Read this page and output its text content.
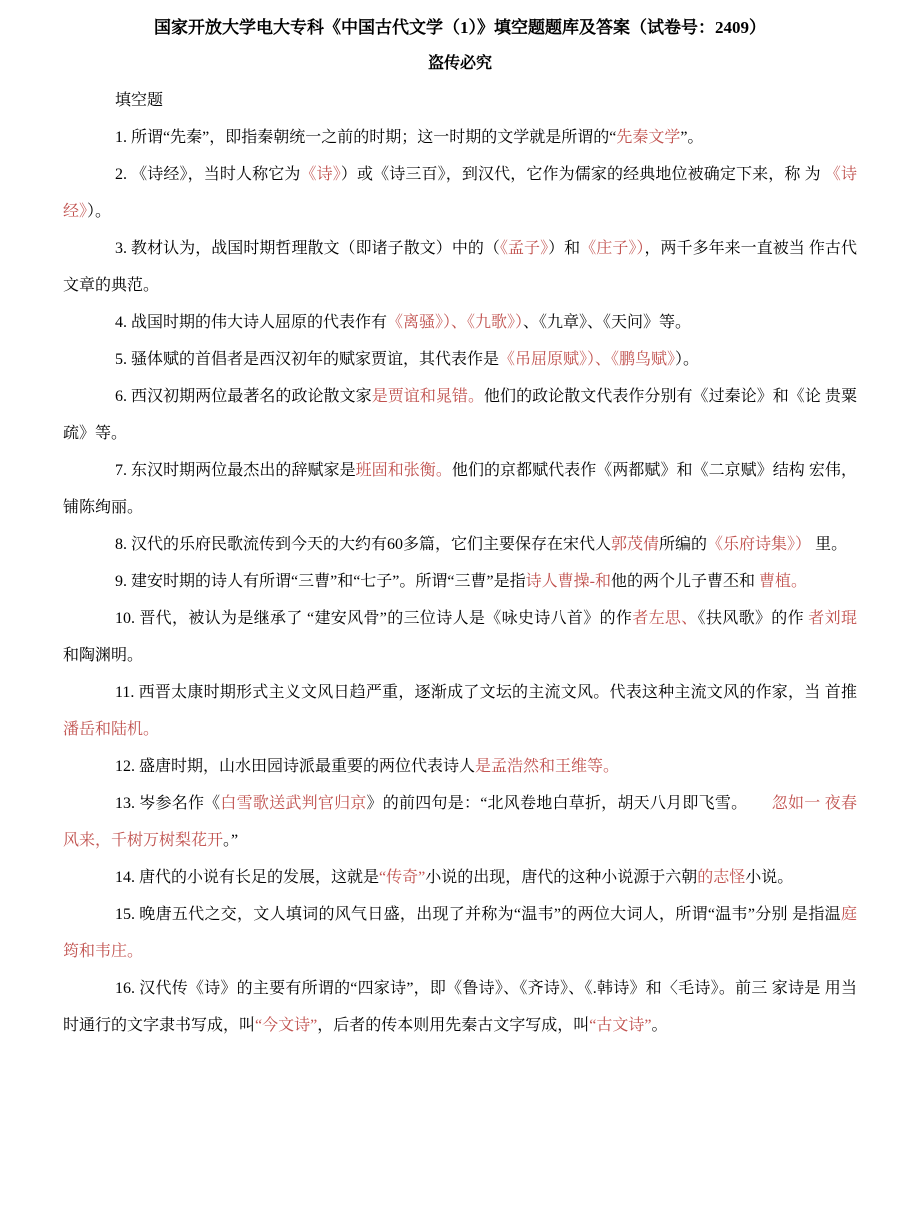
国家开放大学电大专科《中国古代文学（1）》填空题题库及答案（试卷号：2409）
盗传必究
填空题

1. 所谓“先秦”，即指秦朝统一之前的时期；这一时期的文学就是所谓的“先秦文学”。

2. 《诗经》，当时人称它为《诗》）或《诗三百》，到汉代，它作为儒家的经典地位被确定下来，称 为 《诗经》）。

3. 教材认为，战国时期哲理散文（即诸子散文）中的（《孟子》）和《庄子》），两千多年来一直被当 作古代文章的典范。

4. 战国时期的伟大诗人屈原的代表作有《离骚》）、《九歌》）、《九章》、《天问》等。

5. 骚体赋的首倡者是西汉初年的赋家贾谊，其代表作是《吊屈原赋》）、《鹏鸟赋》）。

6. 西汉初期两位最著名的政论散文家是贾谊和晁错。他们的政论散文代表作分别有《过秦论》和《论 贵粟疏》等。

7. 东汉时期两位最杰出的辞赋家是班固和张衡。他们的京都赋代表作《两都赋》和《二京赋》结构 宏伟，铺陈绚丽。

8. 汉代的乐府民歌流传到今天的大约有60多篇，它们主要保存在宋代人郭茂倩所编的《乐府诗集》） 里。

9. 建安时期的诗人有所谓“三曹”和“七子”。所谓“三曹”是指诗人曹操-和他的两个儿子曹丕和 曹植。

10. 晋代，被认为是继承了 “建安风骨”的三位诗人是《咏史诗八首》的作者左思、《扶风歌》的作 者刘琨 和陶渊明。

11. 西晋太康时期形式主义文风日趋严重，逐渐成了文坛的主流文风。代表这种主流文风的作家，当 首推潘岳和陆机。

12. 盛唐时期，山水田园诗派最重要的两位代表诗人是孟浩然和王维等。

13. 岑参名作《白雪歌送武判官归京》的前四句是：“北风卷地白草折，胡天八月即飞雪。　　忽如一 夜春风来，千树万树梨花开。”

14. 唐代的小说有长足的发展，这就是“传奇”小说的出现，唐代的这种小说源于六朝的志怪小说。

15. 晚唐五代之交，文人填词的风气日盛，出现了并称为“温韦”的两位大词人，所谓“温韦”分别 是指温庭筠和韦庄。

16. 汉代传《诗》的主要有所谓的“四家诗”，即《鲁诗》、《齐诗》、《.韩诗》和〈毛诗》。前三 家诗是 用当时通行的文字隶书写成，叫“今文诗”，后者的传本则用先秦古文字写成，叫“古文诗”。
